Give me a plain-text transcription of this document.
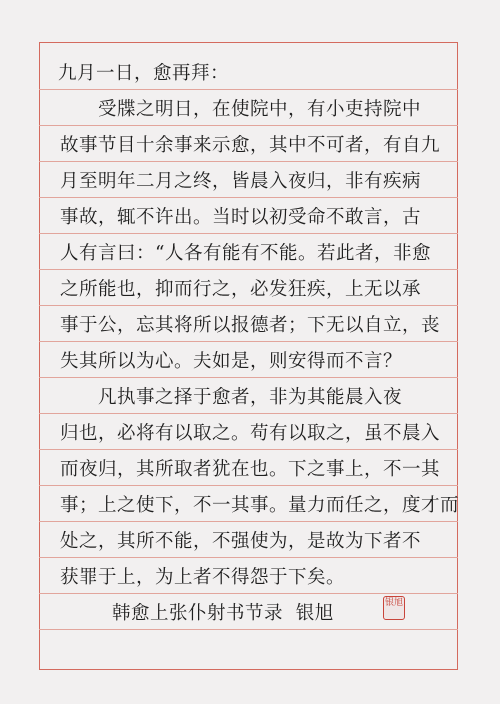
九月一日，愈再拜：
受牒之明日，在使院中，有小吏持院中
故事节目十余事来示愈，其中不可者，有自九
月至明年二月之终，皆晨入夜归，非有疾病
事故，辄不许出。当时以初受命不敢言，古
人有言曰：“人各有能有不能。若此者，非愈
之所能也，抑而行之，必发狂疾，上无以承
事于公，忘其将所以报德者；下无以自立，丧
失其所以为心。夫如是，则安得而不言？
凡执事之择于愈者，非为其能晨入夜
归也，必将有以取之。苟有以取之，虽不晨入
而夜归，其所取者犹在也。下之事上，不一其
事；上之使下，不一其事。量力而任之，度才而
处之，其所不能，不强使为，是故为下者不
获罪于上，为上者不得怨于下矣。
韩愈上张仆射书节录  银旭	银旭
